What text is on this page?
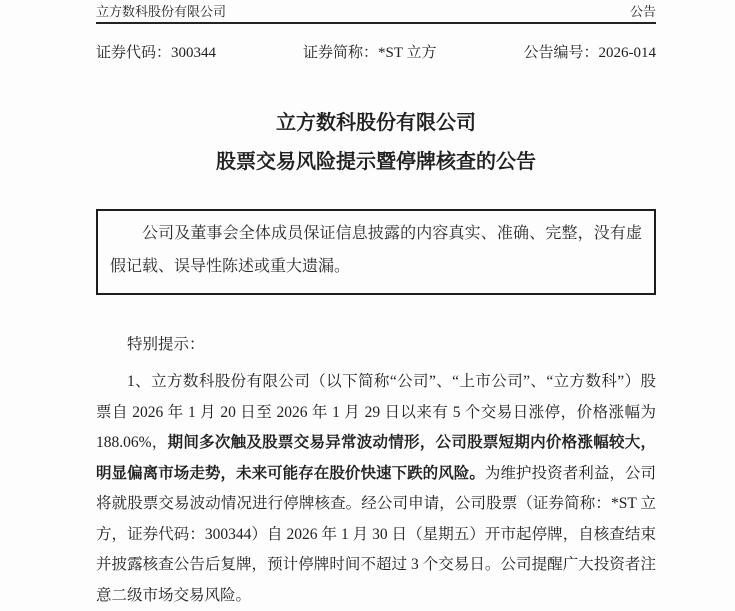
立方数科股份有限公司	公告
证券代码：300344	证券简称：*ST 立方	公告编号：2026-014
立方数科股份有限公司
股票交易风险提示暨停牌核查的公告

公司及董事会全体成员保证信息披露的内容真实、准确、完整，没有虚假记载、误导性陈述或重大遗漏。

特别提示：

1、立方数科股份有限公司（以下简称“公司”、“上市公司”、“立方数科”）股票自 2026 年 1 月 20 日至 2026 年 1 月 29 日以来有 5 个交易日涨停，价格涨幅为 188.06%，期间多次触及股票交易异常波动情形，公司股票短期内价格涨幅较大，明显偏离市场走势，未来可能存在股价快速下跌的风险。为维护投资者利益，公司将就股票交易波动情况进行停牌核查。经公司申请，公司股票（证券简称：*ST 立方，证券代码：300344）自 2026 年 1 月 30 日（星期五）开市起停牌，自核查结束并披露核查公告后复牌，预计停牌时间不超过 3 个交易日。公司提醒广大投资者注意二级市场交易风险。
